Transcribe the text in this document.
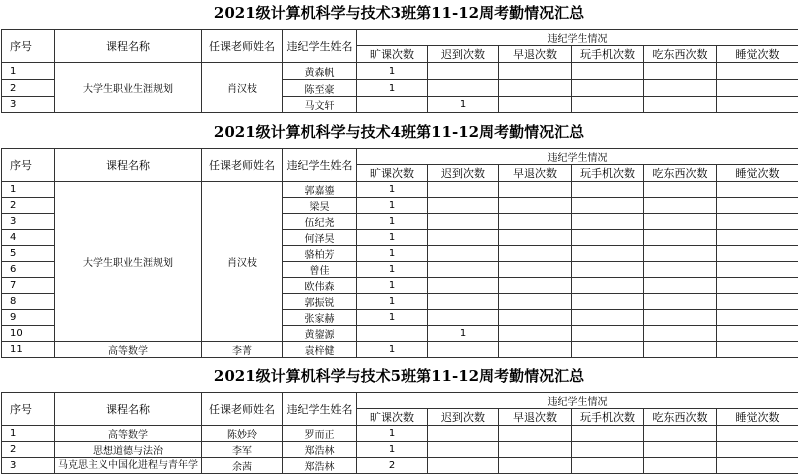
2021级计算机科学与技术3班第11-12周考勤情况汇总
2021级计算机科学与技术4班第11-12周考勤情况汇总
2021级计算机科学与技术5班第11-12周考勤情况汇总
序号	课程名称	任课老师姓名	违纪学生姓名	违纪学生情况					
				旷课次数	迟到次数	早退次数	玩手机次数	吃东西次数	睡觉次数
1	大学生职业生涯规划	肖汉枝	黄森帆	1					
2			陈至豪	1					
3			马文轩		1				
序号	课程名称	任课老师姓名	违纪学生姓名	违纪学生情况					
				旷课次数	迟到次数	早退次数	玩手机次数	吃东西次数	睡觉次数
1	大学生职业生涯规划	肖汉枝	郭嘉鎏	1					
2			梁昊	1					
3			伍纪尧	1					
4			何泽昊	1					
5			骆柏芳	1					
6			曾佳	1					
7			欧伟森	1					
8			郭振锐	1					
9			张家赫	1					
10			黄鋆源		1				
11	高等数学	李菁	袁梓健	1					
序号	课程名称	任课老师姓名	违纪学生姓名	违纪学生情况					
				旷课次数	迟到次数	早退次数	玩手机次数	吃东西次数	睡觉次数
1	高等数学	陈妙玲	罗而正	1					
2	思想道德与法治	李军	郑浩林	1					
3	马克思主义中国化进程与青年学	余茜	郑浩林	2					
